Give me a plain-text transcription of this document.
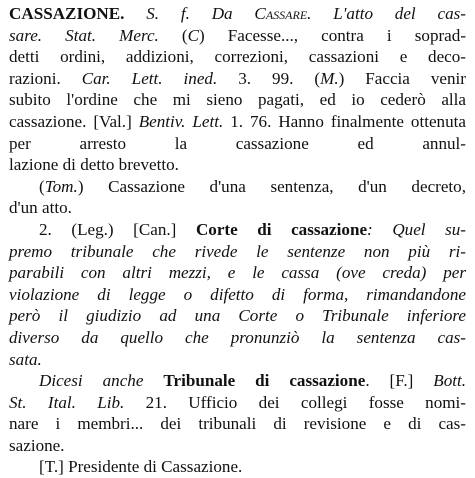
CASSAZIONE. S. f. Da Cassare. L'atto del cas-
sare. Stat. Merc. (C) Facesse..., contra i soprad-
detti ordini, addizioni, correzioni, cassazioni e deco-
razioni. Car. Lett. ined. 3. 99. (M.) Faccia venir
subito l'ordine che mi sieno pagati, ed io cederò alla
cassazione. [Val.] Bentiv. Lett. 1. 76. Hanno finalmente ottenuta per arresto la cassazione ed annul-
lazione di detto brevetto.
(Tom.) Cassazione d'una sentenza, d'un decreto,
d'un atto.
2. (Leg.) [Can.] Corte di cassazione: Quel su-
premo tribunale che rivede le sentenze non più ri-
parabili con altri mezzi, e le cassa (ove creda) per
violazione di legge o difetto di forma, rimandandone
però il giudizio ad una Corte o Tribunale inferiore
diverso da quello che pronunziò la sentenza cas-
sata.
Dicesi anche Tribunale di cassazione. [F.] Bott.
St. Ital. Lib. 21. Ufficio dei collegi fosse nomi-
nare i membri... dei tribunali di revisione e di cas-
sazione.
[T.] Presidente di Cassazione.
